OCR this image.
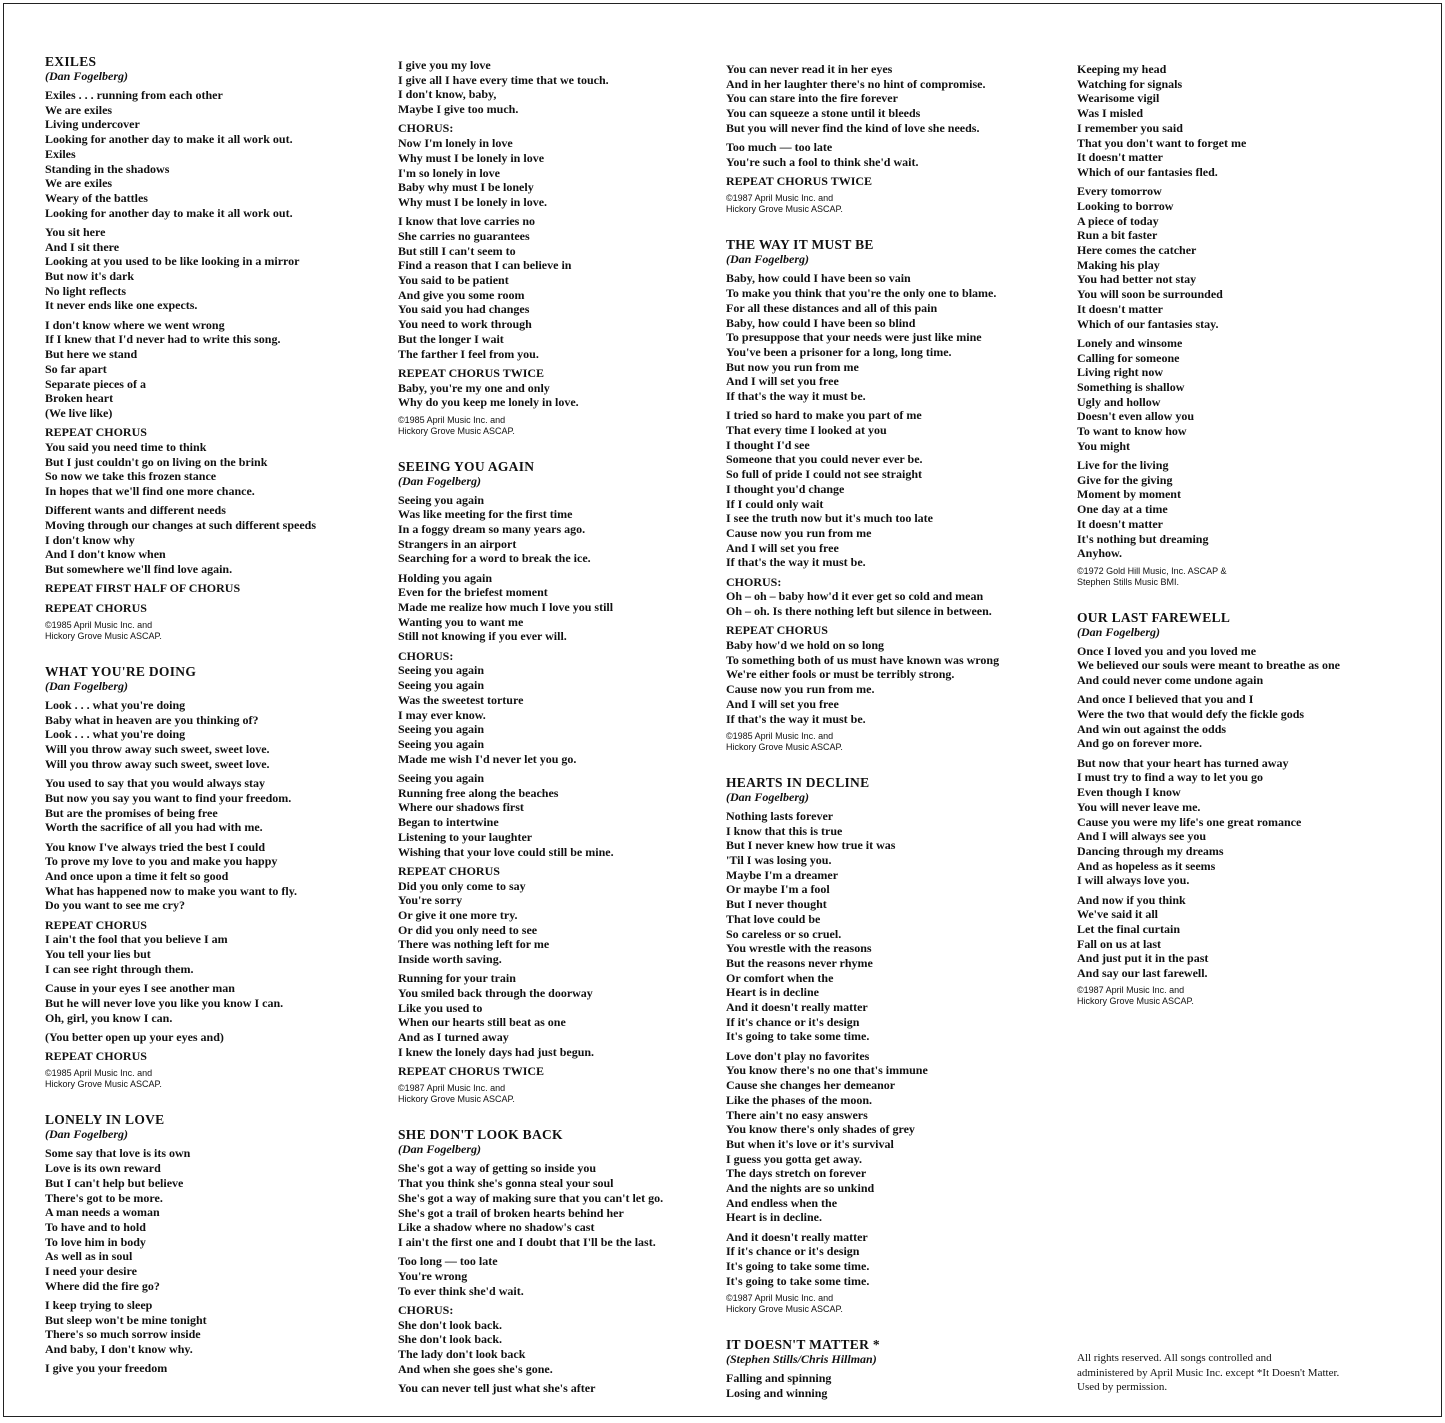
EXILES
(Dan Fogelberg)
Exiles . . . running from each other
We are exiles
Living undercover
Looking for another day to make it all work out.
Exiles
Standing in the shadows
We are exiles
Weary of the battles
Looking for another day to make it all work out.
You sit here
And I sit there
Looking at you used to be like looking in a mirror
But now it's dark
No light reflects
It never ends like one expects.
I don't know where we went wrong
If I knew that I'd never had to write this song.
But here we stand
So far apart
Separate pieces of a
Broken heart
(We live like)
REPEAT CHORUS
You said you need time to think
But I just couldn't go on living on the brink
So now we take this frozen stance
In hopes that we'll find one more chance.
Different wants and different needs
Moving through our changes at such different speeds
I don't know why
And I don't know when
But somewhere we'll find love again.
REPEAT FIRST HALF OF CHORUS
REPEAT CHORUS
©1985 April Music Inc. and
Hickory Grove Music ASCAP.
WHAT YOU'RE DOING
(Dan Fogelberg)
Look . . . what you're doing
Baby what in heaven are you thinking of?
Look . . . what you're doing
Will you throw away such sweet, sweet love.
Will you throw away such sweet, sweet love.
You used to say that you would always stay
But now you say you want to find your freedom.
But are the promises of being free
Worth the sacrifice of all you had with me.
You know I've always tried the best I could
To prove my love to you and make you happy
And once upon a time it felt so good
What has happened now to make you want to fly.
Do you want to see me cry?
REPEAT CHORUS
I ain't the fool that you believe I am
You tell your lies but
I can see right through them.
Cause in your eyes I see another man
But he will never love you like you know I can.
Oh, girl, you know I can.
(You better open up your eyes and)
REPEAT CHORUS
©1985 April Music Inc. and
Hickory Grove Music ASCAP.
LONELY IN LOVE
(Dan Fogelberg)
Some say that love is its own
Love is its own reward
But I can't help but believe
There's got to be more.
A man needs a woman
To have and to hold
To love him in body
As well as in soul
I need your desire
Where did the fire go?
I keep trying to sleep
But sleep won't be mine tonight
There's so much sorrow inside
And baby, I don't know why.
I give you your freedom
I give you my love
I give all I have every time that we touch.
I don't know, baby,
Maybe I give too much.
CHORUS:
Now I'm lonely in love
Why must I be lonely in love
I'm so lonely in love
Baby why must I be lonely
Why must I be lonely in love.
I know that love carries no
She carries no guarantees
But still I can't seem to
Find a reason that I can believe in
You said to be patient
And give you some room
You said you had changes
You need to work through
But the longer I wait
The farther I feel from you.
REPEAT CHORUS TWICE
Baby, you're my one and only
Why do you keep me lonely in love.
©1985 April Music Inc. and
Hickory Grove Music ASCAP.
SEEING YOU AGAIN
(Dan Fogelberg)
Seeing you again
Was like meeting for the first time
In a foggy dream so many years ago.
Strangers in an airport
Searching for a word to break the ice.
Holding you again
Even for the briefest moment
Made me realize how much I love you still
Wanting you to want me
Still not knowing if you ever will.
CHORUS:
Seeing you again
Seeing you again
Was the sweetest torture
I may ever know.
Seeing you again
Seeing you again
Made me wish I'd never let you go.
Seeing you again
Running free along the beaches
Where our shadows first
Began to intertwine
Listening to your laughter
Wishing that your love could still be mine.
REPEAT CHORUS
Did you only come to say
You're sorry
Or give it one more try.
Or did you only need to see
There was nothing left for me
Inside worth saving.
Running for your train
You smiled back through the doorway
Like you used to
When our hearts still beat as one
And as I turned away
I knew the lonely days had just begun.
REPEAT CHORUS TWICE
©1987 April Music Inc. and
Hickory Grove Music ASCAP.
SHE DON'T LOOK BACK
(Dan Fogelberg)
She's got a way of getting so inside you
That you think she's gonna steal your soul
She's got a way of making sure that you can't let go.
She's got a trail of broken hearts behind her
Like a shadow where no shadow's cast
I ain't the first one and I doubt that I'll be the last.
Too long — too late
You're wrong
To ever think she'd wait.
CHORUS:
She don't look back.
She don't look back.
The lady don't look back
And when she goes she's gone.
You can never tell just what she's after
You can never read it in her eyes
And in her laughter there's no hint of compromise.
You can stare into the fire forever
You can squeeze a stone until it bleeds
But you will never find the kind of love she needs.
Too much — too late
You're such a fool to think she'd wait.
REPEAT CHORUS TWICE
©1987 April Music Inc. and
Hickory Grove Music ASCAP.
THE WAY IT MUST BE
(Dan Fogelberg)
Baby, how could I have been so vain
To make you think that you're the only one to blame.
For all these distances and all of this pain
Baby, how could I have been so blind
To presuppose that your needs were just like mine
You've been a prisoner for a long, long time.
But now you run from me
And I will set you free
If that's the way it must be.
I tried so hard to make you part of me
That every time I looked at you
I thought I'd see
Someone that you could never ever be.
So full of pride I could not see straight
I thought you'd change
If I could only wait
I see the truth now but it's much too late
Cause now you run from me
And I will set you free
If that's the way it must be.
CHORUS:
Oh – oh – baby how'd it ever get so cold and mean
Oh – oh. Is there nothing left but silence in between.
REPEAT CHORUS
Baby how'd we hold on so long
To something both of us must have known was wrong
We're either fools or must be terribly strong.
Cause now you run from me.
And I will set you free
If that's the way it must be.
©1985 April Music Inc. and
Hickory Grove Music ASCAP.
HEARTS IN DECLINE
(Dan Fogelberg)
Nothing lasts forever
I know that this is true
But I never knew how true it was
'Til I was losing you.
Maybe I'm a dreamer
Or maybe I'm a fool
But I never thought
That love could be
So careless or so cruel.
You wrestle with the reasons
But the reasons never rhyme
Or comfort when the
Heart is in decline
And it doesn't really matter
If it's chance or it's design
It's going to take some time.
Love don't play no favorites
You know there's no one that's immune
Cause she changes her demeanor
Like the phases of the moon.
There ain't no easy answers
You know there's only shades of grey
But when it's love or it's survival
I guess you gotta get away.
The days stretch on forever
And the nights are so unkind
And endless when the
Heart is in decline.
And it doesn't really matter
If it's chance or it's design
It's going to take some time.
It's going to take some time.
©1987 April Music Inc. and
Hickory Grove Music ASCAP.
IT DOESN'T MATTER *
(Stephen Stills/Chris Hillman)
Falling and spinning
Losing and winning
Keeping my head
Watching for signals
Wearisome vigil
Was I misled
I remember you said
That you don't want to forget me
It doesn't matter
Which of our fantasies fled.
Every tomorrow
Looking to borrow
A piece of today
Run a bit faster
Here comes the catcher
Making his play
You had better not stay
You will soon be surrounded
It doesn't matter
Which of our fantasies stay.
Lonely and winsome
Calling for someone
Living right now
Something is shallow
Ugly and hollow
Doesn't even allow you
To want to know how
You might
Live for the living
Give for the giving
Moment by moment
One day at a time
It doesn't matter
It's nothing but dreaming
Anyhow.
©1972 Gold Hill Music, Inc. ASCAP &
Stephen Stills Music BMI.
OUR LAST FAREWELL
(Dan Fogelberg)
Once I loved you and you loved me
We believed our souls were meant to breathe as one
And could never come undone again
And once I believed that you and I
Were the two that would defy the fickle gods
And win out against the odds
And go on forever more.
But now that your heart has turned away
I must try to find a way to let you go
Even though I know
You will never leave me.
Cause you were my life's one great romance
And I will always see you
Dancing through my dreams
And as hopeless as it seems
I will always love you.
And now if you think
We've said it all
Let the final curtain
Fall on us at last
And just put it in the past
And say our last farewell.
©1987 April Music Inc. and
Hickory Grove Music ASCAP.
All rights reserved. All songs controlled and
administered by April Music Inc. except *It Doesn't Matter.
Used by permission.
